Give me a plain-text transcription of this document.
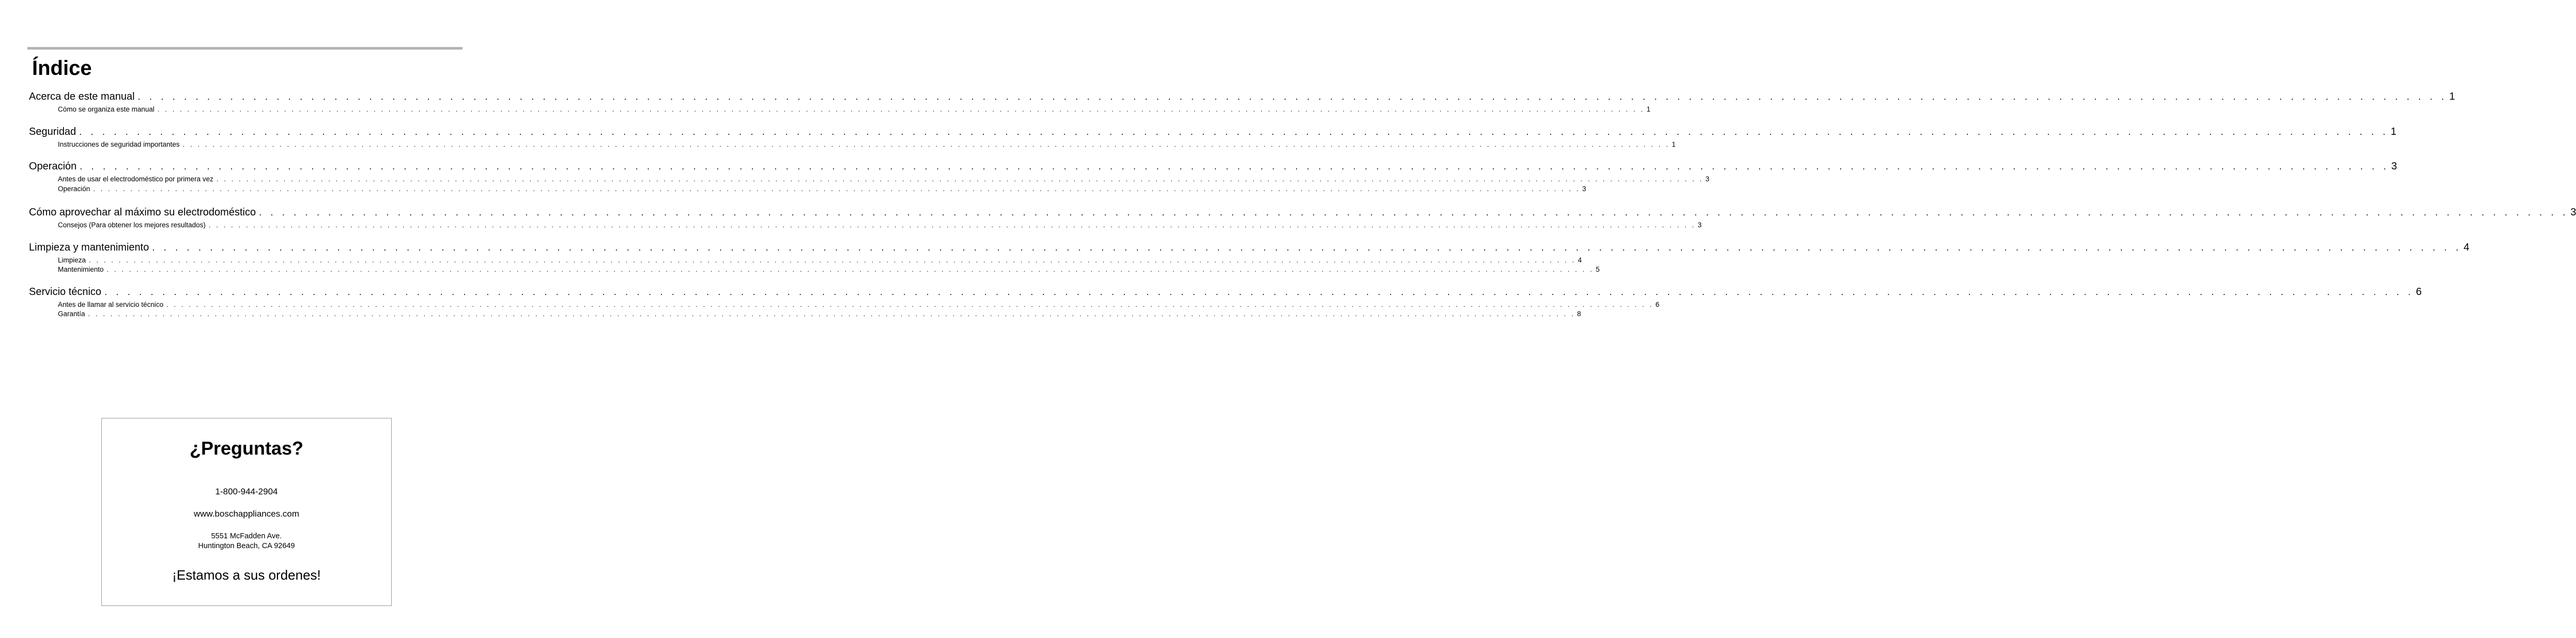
Índice
Acerca de este manual . . . . . . . . . . . . . . . . . . . . . . . . . . . . . . . . . . . . . . . . . . . . . . . . . . . . . . . . . . . . . . . . . . . . . . . . . . . . . . . . . . . . . . . . . . . . . . . . . . . . . . . . . . . . . . . . . . . . . . . . . . . . . . . . . . . . . . . . . . . . . . . . . . . . . . . . . . . . . . . . . . . . . . . . . . . . . . . . . . . . . . . . . . . . . . . . . . . . . . . . 1
Cómo se organiza este manual . . . . . . . . . . . . . . . . . . . . . . . . . . . . . . . . . . . . . . . . . . . . . . . . . . . . . . . . . . . . . . . . . . . . . . . . . . . . . . . . . . . . . . . . . . . . . . . . . . . . . . . . . . . . . . . . . . . . . . . . . . . . . . . . . . . . . . . . . . . . . . . . . . . . . . . . . . . . . . . . . . . . . . . . . . . . . . . . . . . . . . . . . . . . . . . . . . . . . . . . 1
Seguridad . . . . . . . . . . . . . . . . . . . . . . . . . . . . . . . . . . . . . . . . . . . . . . . . . . . . . . . . . . . . . . . . . . . . . . . . . . . . . . . . . . . . . . . . . . . . . . . . . . . . . . . . . . . . . . . . . . . . . . . . . . . . . . . . . . . . . . . . . . . . . . . . . . . . . . . . . . . . . . . . . . . . . . . . . . . . . . . . . . . . . . . . . . . . . . . . . . . . . . . . 1
Instrucciones de seguridad importantes . . . . . . . . . . . . . . . . . . . . . . . . . . . . . . . . . . . . . . . . . . . . . . . . . . . . . . . . . . . . . . . . . . . . . . . . . . . . . . . . . . . . . . . . . . . . . . . . . . . . . . . . . . . . . . . . . . . . . . . . . . . . . . . . . . . . . . . . . . . . . . . . . . . . . . . . . . . . . . . . . . . . . . . . . . . . . . . . . . . . . . . . . . . . . . . . . . . . . . . . 1
Operación . . . . . . . . . . . . . . . . . . . . . . . . . . . . . . . . . . . . . . . . . . . . . . . . . . . . . . . . . . . . . . . . . . . . . . . . . . . . . . . . . . . . . . . . . . . . . . . . . . . . . . . . . . . . . . . . . . . . . . . . . . . . . . . . . . . . . . . . . . . . . . . . . . . . . . . . . . . . . . . . . . . . . . . . . . . . . . . . . . . . . . . . . . . . . . . . . . . . . . . . 3
Antes de usar el electrodoméstico por primera vez . . . . . . . . . . . . . . . . . . . . . . . . . . . . . . . . . . . . . . . . . . . . . . . . . . . . . . . . . . . . . . . . . . . . . . . . . . . . . . . . . . . . . . . . . . . . . . . . . . . . . . . . . . . . . . . . . . . . . . . . . . . . . . . . . . . . . . . . . . . . . . . . . . . . . . . . . . . . . . . . . . . . . . . . . . . . . . . . . . . . . . . . . . . . . . . . . . . . . . . . 3
Operación . . . . . . . . . . . . . . . . . . . . . . . . . . . . . . . . . . . . . . . . . . . . . . . . . . . . . . . . . . . . . . . . . . . . . . . . . . . . . . . . . . . . . . . . . . . . . . . . . . . . . . . . . . . . . . . . . . . . . . . . . . . . . . . . . . . . . . . . . . . . . . . . . . . . . . . . . . . . . . . . . . . . . . . . . . . . . . . . . . . . . . . . . . . . . . . . . . . . . . . . 3
Cómo aprovechar al máximo su electrodoméstico . . . . . . . . . . . . . . . . . . . . . . . . . . . . . . . . . . . . . . . . . . . . . . . . . . . . . . . . . . . . . . . . . . . . . . . . . . . . . . . . . . . . . . . . . . . . . . . . . . . . . . . . . . . . . . . . . . . . . . . . . . . . . . . . . . . . . . . . . . . . . . . . . . . . . . . . . . . . . . . . . . . . . . . . . . . . . . . . . . . . . . . . . . . . . . . . . . . . . . . . 3
Consejos (Para obtener los mejores resultados) . . . . . . . . . . . . . . . . . . . . . . . . . . . . . . . . . . . . . . . . . . . . . . . . . . . . . . . . . . . . . . . . . . . . . . . . . . . . . . . . . . . . . . . . . . . . . . . . . . . . . . . . . . . . . . . . . . . . . . . . . . . . . . . . . . . . . . . . . . . . . . . . . . . . . . . . . . . . . . . . . . . . . . . . . . . . . . . . . . . . . . . . . . . . . . . . . . . . . . . . 3
Limpieza y mantenimiento . . . . . . . . . . . . . . . . . . . . . . . . . . . . . . . . . . . . . . . . . . . . . . . . . . . . . . . . . . . . . . . . . . . . . . . . . . . . . . . . . . . . . . . . . . . . . . . . . . . . . . . . . . . . . . . . . . . . . . . . . . . . . . . . . . . . . . . . . . . . . . . . . . . . . . . . . . . . . . . . . . . . . . . . . . . . . . . . . . . . . . . . . . . . . . . . . . . . . . . . 4
Limpieza . . . . . . . . . . . . . . . . . . . . . . . . . . . . . . . . . . . . . . . . . . . . . . . . . . . . . . . . . . . . . . . . . . . . . . . . . . . . . . . . . . . . . . . . . . . . . . . . . . . . . . . . . . . . . . . . . . . . . . . . . . . . . . . . . . . . . . . . . . . . . . . . . . . . . . . . . . . . . . . . . . . . . . . . . . . . . . . . . . . . . . . . . . . . . . . . . . . . . . . . 4
Mantenimiento . . . . . . . . . . . . . . . . . . . . . . . . . . . . . . . . . . . . . . . . . . . . . . . . . . . . . . . . . . . . . . . . . . . . . . . . . . . . . . . . . . . . . . . . . . . . . . . . . . . . . . . . . . . . . . . . . . . . . . . . . . . . . . . . . . . . . . . . . . . . . . . . . . . . . . . . . . . . . . . . . . . . . . . . . . . . . . . . . . . . . . . . . . . . . . . . . . . . . . . . 5
Servicio técnico . . . . . . . . . . . . . . . . . . . . . . . . . . . . . . . . . . . . . . . . . . . . . . . . . . . . . . . . . . . . . . . . . . . . . . . . . . . . . . . . . . . . . . . . . . . . . . . . . . . . . . . . . . . . . . . . . . . . . . . . . . . . . . . . . . . . . . . . . . . . . . . . . . . . . . . . . . . . . . . . . . . . . . . . . . . . . . . . . . . . . . . . . . . . . . . . . . . . . . . . 6
Antes de llamar al servicio técnico . . . . . . . . . . . . . . . . . . . . . . . . . . . . . . . . . . . . . . . . . . . . . . . . . . . . . . . . . . . . . . . . . . . . . . . . . . . . . . . . . . . . . . . . . . . . . . . . . . . . . . . . . . . . . . . . . . . . . . . . . . . . . . . . . . . . . . . . . . . . . . . . . . . . . . . . . . . . . . . . . . . . . . . . . . . . . . . . . . . . . . . . . . . . . . . . . . . . . . . . 6
Garantía . . . . . . . . . . . . . . . . . . . . . . . . . . . . . . . . . . . . . . . . . . . . . . . . . . . . . . . . . . . . . . . . . . . . . . . . . . . . . . . . . . . . . . . . . . . . . . . . . . . . . . . . . . . . . . . . . . . . . . . . . . . . . . . . . . . . . . . . . . . . . . . . . . . . . . . . . . . . . . . . . . . . . . . . . . . . . . . . . . . . . . . . . . . . . . . . . . . . . . . . 8
¿Preguntas?
1-800-944-2904
www.boschappliances.com
5551 McFadden Ave.
Huntington Beach, CA 92649
¡Estamos a sus ordenes!
